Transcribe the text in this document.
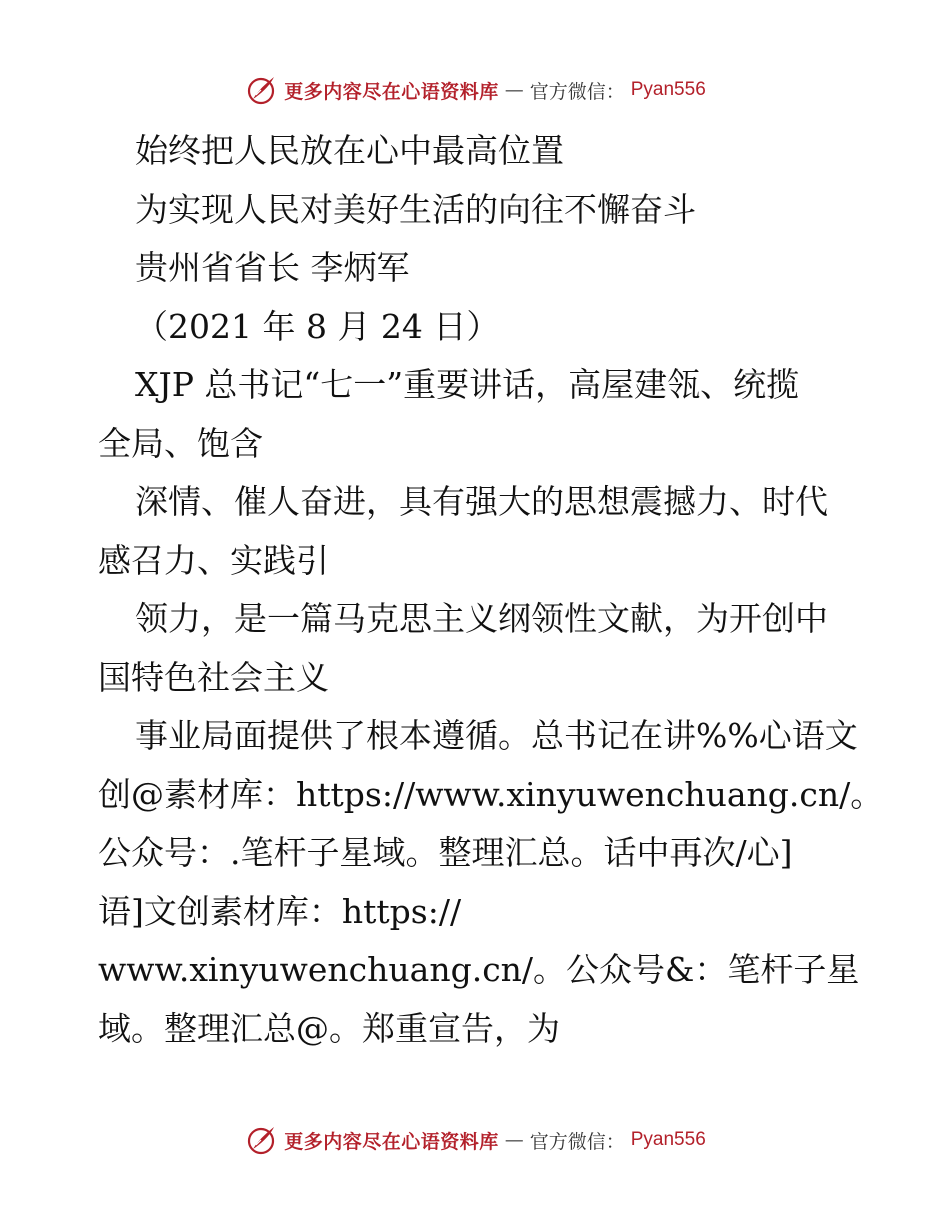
更多内容尽在心语资料库 — 官方微信： Pyan556
始终把人民放在心中最高位置
为实现人民对美好生活的向往不懈奋斗
贵州省省长 李炳军
（2021 年 8 月 24 日）
XJP 总书记“七一”重要讲话，高屋建瓴、统揽
全局、饱含
深情、催人奋进，具有强大的思想震撼力、时代
感召力、实践引
领力，是一篇马克思主义纲领性文献，为开创中
国特色社会主义
事业局面提供了根本遵循。总书记在讲%%心语文
创@素材库：https://www.xinyuwenchuang.cn/。
公众号：.笔杆子星域。整理汇总。话中再次/心]
语]文创素材库：https://
www.xinyuwenchuang.cn/。公众号&：笔杆子星
域。整理汇总@。郑重宣告，为
更多内容尽在心语资料库 — 官方微信： Pyan556
